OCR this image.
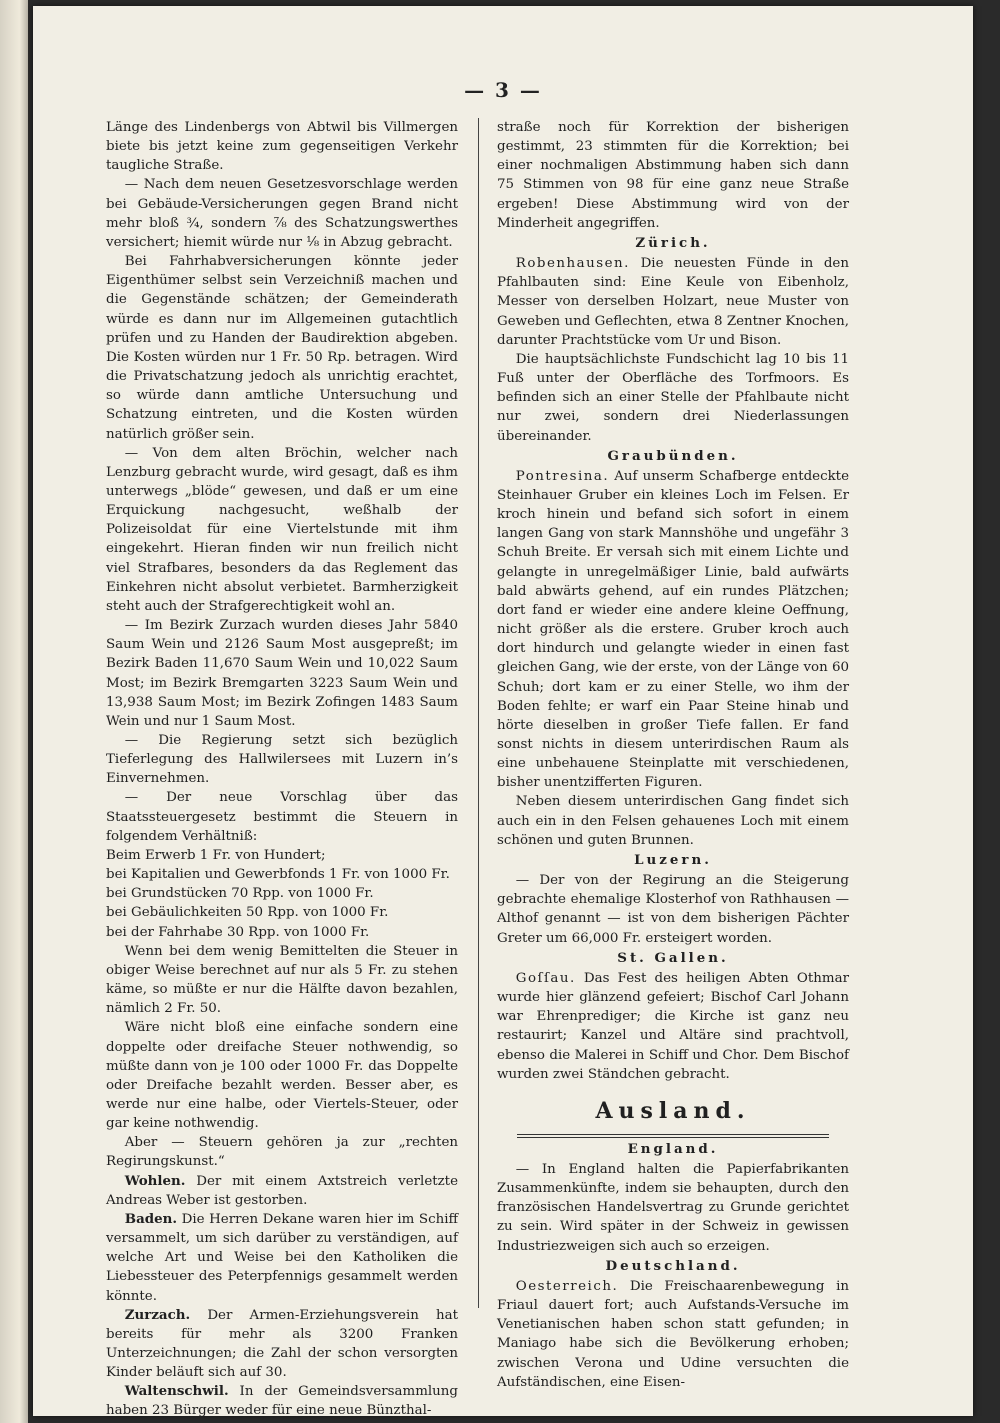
— 3 —

Länge des Lindenbergs von Abtwil bis Villmergen biete bis jetzt keine zum gegenseitigen Verkehr taugliche Straße.

— Nach dem neuen Gesetzesvorschlage werden bei Gebäude-Versicherungen gegen Brand nicht mehr bloß ¾, sondern ⅞ des Schatzungswerthes versichert; hiemit würde nur ⅛ in Abzug gebracht.

Bei Fahrhabversicherungen könnte jeder Eigenthümer selbst sein Verzeichniß machen und die Gegenstände schätzen; der Gemeinderath würde es dann nur im Allgemeinen gutachtlich prüfen und zu Handen der Baudirektion abgeben. Die Kosten würden nur 1 Fr. 50 Rp. betragen. Wird die Privatschatzung jedoch als unrichtig erachtet, so würde dann amtliche Untersuchung und Schatzung eintreten, und die Kosten würden natürlich größer sein.

— Von dem alten Bröchin, welcher nach Lenzburg gebracht wurde, wird gesagt, daß es ihm unterwegs „blöde“ gewesen, und daß er um eine Erquickung nachgesucht, weßhalb der Polizeisoldat für eine Viertelstunde mit ihm eingekehrt. Hieran finden wir nun freilich nicht viel Strafbares, besonders da das Reglement das Einkehren nicht absolut verbietet. Barmherzigkeit steht auch der Strafgerechtigkeit wohl an.

— Im Bezirk Zurzach wurden dieses Jahr 5840 Saum Wein und 2126 Saum Most ausgepreßt; im Bezirk Baden 11,670 Saum Wein und 10,022 Saum Most; im Bezirk Bremgarten 3223 Saum Wein und 13,938 Saum Most; im Bezirk Zofingen 1483 Saum Wein und nur 1 Saum Most.

— Die Regierung setzt sich bezüglich Tieferlegung des Hallwilersees mit Luzern in’s Einvernehmen.

— Der neue Vorschlag über das Staatssteuergesetz bestimmt die Steuern in folgendem Verhältniß:

Beim Erwerb 1 Fr. von Hundert;

bei Kapitalien und Gewerbfonds 1 Fr. von 1000 Fr.

bei Grundstücken 70 Rpp. von 1000 Fr.

bei Gebäulichkeiten 50 Rpp. von 1000 Fr.

bei der Fahrhabe 30 Rpp. von 1000 Fr.

Wenn bei dem wenig Bemittelten die Steuer in obiger Weise berechnet auf nur als 5 Fr. zu stehen käme, so müßte er nur die Hälfte davon bezahlen, nämlich 2 Fr. 50.

Wäre nicht bloß eine einfache sondern eine doppelte oder dreifache Steuer nothwendig, so müßte dann von je 100 oder 1000 Fr. das Doppelte oder Dreifache bezahlt werden. Besser aber, es werde nur eine halbe, oder Viertels-Steuer, oder gar keine nothwendig.

Aber — Steuern gehören ja zur „rechten Regirungskunst.“

Wohlen. Der mit einem Axtstreich verletzte Andreas Weber ist gestorben.

Baden. Die Herren Dekane waren hier im Schiff versammelt, um sich darüber zu verständigen, auf welche Art und Weise bei den Katholiken die Liebessteuer des Peterpfennigs gesammelt werden könnte.

Zurzach. Der Armen-Erziehungsverein hat bereits für mehr als 3200 Franken Unterzeichnungen; die Zahl der schon versorgten Kinder beläuft sich auf 30.

Waltenschwil. In der Gemeindsversammlung haben 23 Bürger weder für eine neue Bünzthal-

straße noch für Korrektion der bisherigen gestimmt, 23 stimmten für die Korrektion; bei einer nochmaligen Abstimmung haben sich dann 75 Stimmen von 98 für eine ganz neue Straße ergeben! Diese Abstimmung wird von der Minderheit angegriffen.

Zürich.

Robenhausen. Die neuesten Fünde in den Pfahlbauten sind: Eine Keule von Eibenholz, Messer von derselben Holzart, neue Muster von Geweben und Geflechten, etwa 8 Zentner Knochen, darunter Prachtstücke vom Ur und Bison.

Die hauptsächlichste Fundschicht lag 10 bis 11 Fuß unter der Oberfläche des Torfmoors. Es befinden sich an einer Stelle der Pfahlbaute nicht nur zwei, sondern drei Niederlassungen übereinander.

Graubünden.

Pontresina. Auf unserm Schafberge entdeckte Steinhauer Gruber ein kleines Loch im Felsen. Er kroch hinein und befand sich sofort in einem langen Gang von stark Mannshöhe und ungefähr 3 Schuh Breite. Er versah sich mit einem Lichte und gelangte in unregelmäßiger Linie, bald aufwärts bald abwärts gehend, auf ein rundes Plätzchen; dort fand er wieder eine andere kleine Oeffnung, nicht größer als die erstere. Gruber kroch auch dort hindurch und gelangte wieder in einen fast gleichen Gang, wie der erste, von der Länge von 60 Schuh; dort kam er zu einer Stelle, wo ihm der Boden fehlte; er warf ein Paar Steine hinab und hörte dieselben in großer Tiefe fallen. Er fand sonst nichts in diesem unterirdischen Raum als eine unbehauene Steinplatte mit verschiedenen, bisher unentzifferten Figuren.

Neben diesem unterirdischen Gang findet sich auch ein in den Felsen gehauenes Loch mit einem schönen und guten Brunnen.

Luzern.

— Der von der Regirung an die Steigerung gebrachte ehemalige Klosterhof von Rathhausen — Althof genannt — ist von dem bisherigen Pächter Greter um 66,000 Fr. ersteigert worden.

St. Gallen.

Goſſau. Das Fest des heiligen Abten Othmar wurde hier glänzend gefeiert; Bischof Carl Johann war Ehrenprediger; die Kirche ist ganz neu restaurirt; Kanzel und Altäre sind prachtvoll, ebenso die Malerei in Schiff und Chor. Dem Bischof wurden zwei Ständchen gebracht.

Ausland.
England.

— In England halten die Papierfabrikanten Zusammenkünfte, indem sie behaupten, durch den französischen Handelsvertrag zu Grunde gerichtet zu sein. Wird später in der Schweiz in gewissen Industriezweigen sich auch so erzeigen.

Deutschland.

Oesterreich. Die Freischaarenbewegung in Friaul dauert fort; auch Aufstands-Versuche im Venetianischen haben schon statt gefunden; in Maniago habe sich die Bevölkerung erhoben; zwischen Verona und Udine versuchten die Aufständischen, eine Eisen-
